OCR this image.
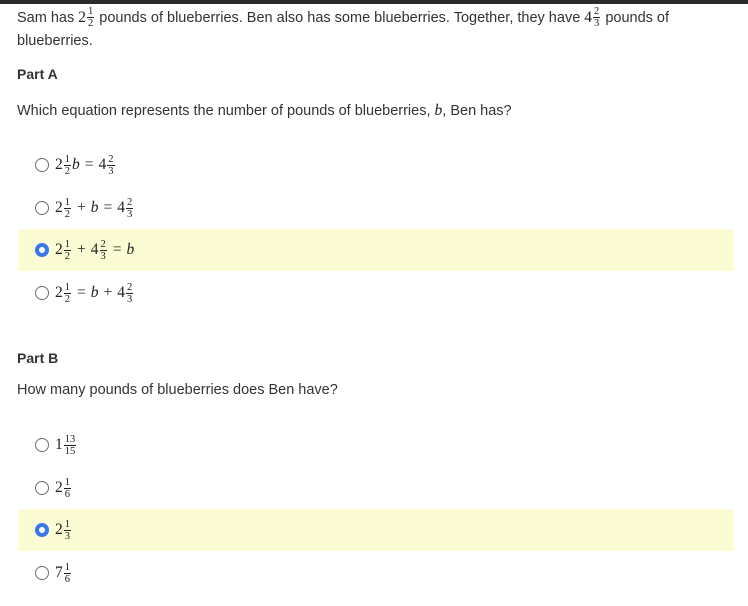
Sam has $2 \frac{1}{2}$ pounds of blueberries. Ben also has some blueberries. Together, they have $4 \frac{2}{3}$ pounds of
blueberries.
Part A
Which equation represents the number of pounds of blueberries, b, Ben has?
$2 \frac{1}{2}$ $b = 4 \frac{2}{3}$
$2 \frac{1}{2} + b = 4 \frac{2}{3}$
$2 \frac{1}{2} + 4 \frac{2}{3} = b$
$2 \frac{1}{2} = b + 4 \frac{2}{3}$
Part B
How many pounds of blueberries does Ben have?
$1 \frac{13}{15}$
$2 \frac{1}{6}$
$2 \frac{1}{3}$
$7 \frac{1}{6}$
